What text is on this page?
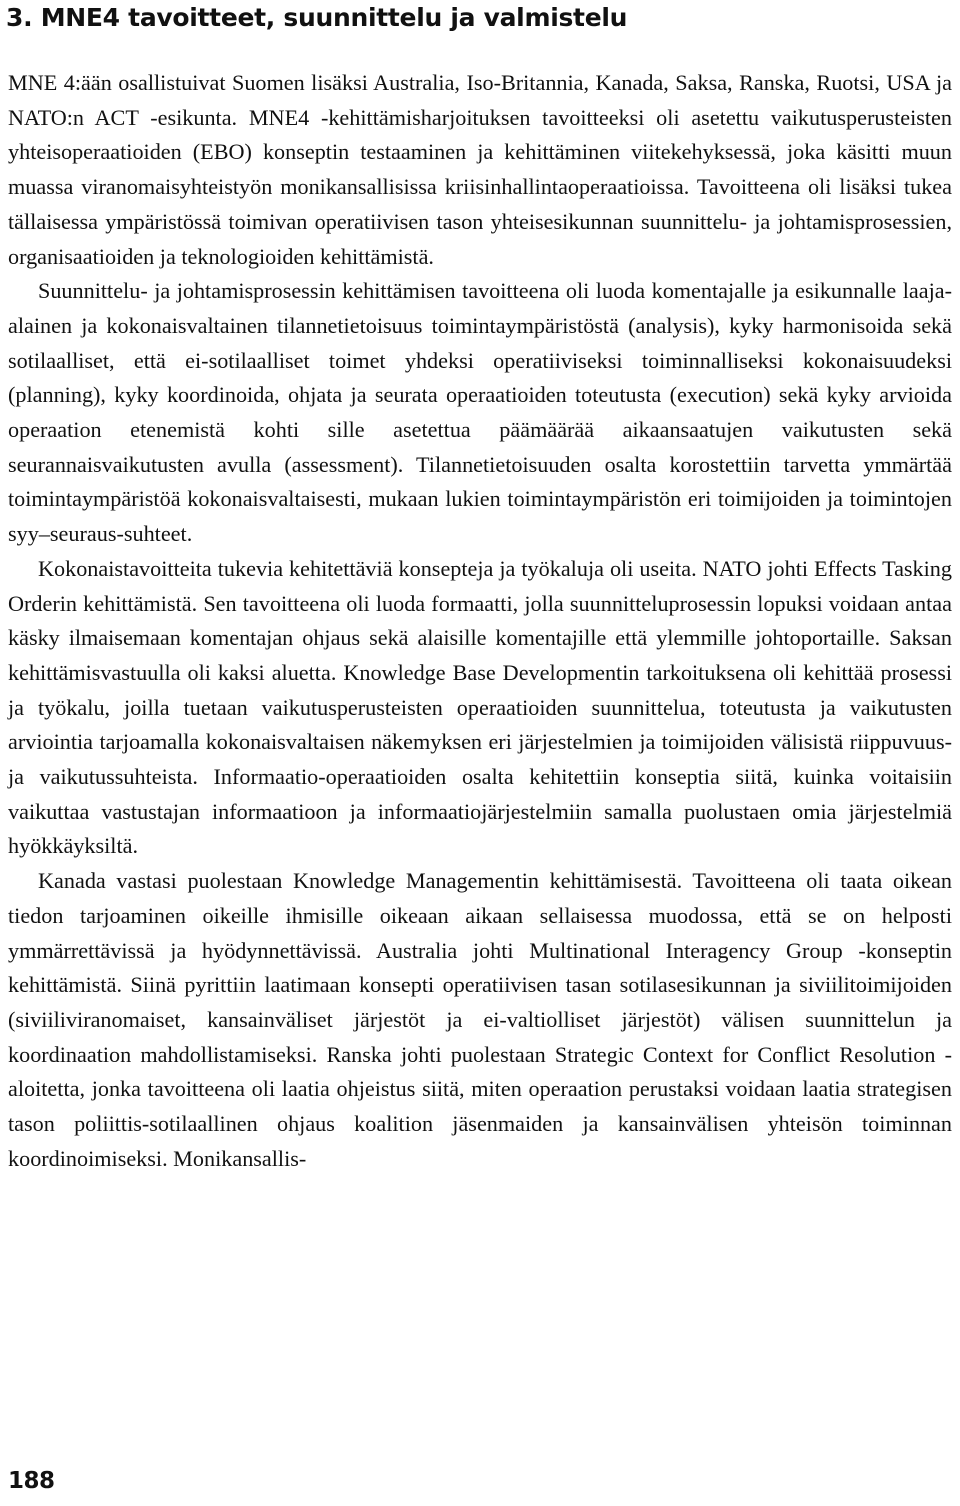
3. MNE4 tavoitteet, suunnittelu ja valmistelu

MNE 4:ään osallistuivat Suomen lisäksi Australia, Iso-Britannia, Kanada, Saksa, Ranska, Ruotsi, USA ja NATO:n ACT -esikunta. MNE4 -kehittämisharjoituksen tavoitteeksi oli asetettu vaikutusperusteisten yhteisoperaatioiden (EBO) konseptin testaaminen ja kehittäminen viitekehyksessä, joka käsitti muun muassa viranomaisyhteistyön monikansallisissa kriisinhallintaoperaatioissa. Tavoitteena oli lisäksi tukea tällaisessa ympäristössä toimivan operatiivisen tason yhteisesikunnan suunnittelu- ja johtamisprosessien, organisaatioiden ja teknologioiden kehittämistä.

Suunnittelu- ja johtamisprosessin kehittämisen tavoitteena oli luoda komentajalle ja esikunnalle laaja-alainen ja kokonaisvaltainen tilannetietoisuus toimintaympäristöstä (analysis), kyky harmonisoida sekä sotilaalliset, että ei-sotilaalliset toimet yhdeksi operatiiviseksi toiminnalliseksi kokonaisuudeksi (planning), kyky koordinoida, ohjata ja seurata operaatioiden toteutusta (execution) sekä kyky arvioida operaation etenemistä kohti sille asetettua päämäärää aikaansaatujen vaikutusten sekä seurannaisvaikutusten avulla (assessment). Tilannetietoisuuden osalta korostettiin tarvetta ymmärtää toimintaympäristöä kokonaisvaltaisesti, mukaan lukien toimintaympäristön eri toimijoiden ja toimintojen syy–seuraus-suhteet.

Kokonaistavoitteita tukevia kehitettäviä konsepteja ja työkaluja oli useita. NATO johti Effects Tasking Orderin kehittämistä. Sen tavoitteena oli luoda formaatti, jolla suunnitteluprosessin lopuksi voidaan antaa käsky ilmaisemaan komentajan ohjaus sekä alaisille komentajille että ylemmille johtoportaille. Saksan kehittämisvastuulla oli kaksi aluetta. Knowledge Base Developmentin tarkoituksena oli kehittää prosessi ja työkalu, joilla tuetaan vaikutusperusteisten operaatioiden suunnittelua, toteutusta ja vaikutusten arviointia tarjoamalla kokonaisvaltaisen näkemyksen eri järjestelmien ja toimijoiden välisistä riippuvuus- ja vaikutussuhteista. Informaatio-operaatioiden osalta kehitettiin konseptia siitä, kuinka voitaisiin vaikuttaa vastustajan informaatioon ja informaatiojärjestelmiin samalla puolustaen omia järjestelmiä hyökkäyksiltä.

Kanada vastasi puolestaan Knowledge Managementin kehittämisestä. Tavoitteena oli taata oikean tiedon tarjoaminen oikeille ihmisille oikeaan aikaan sellaisessa muodossa, että se on helposti ymmärrettävissä ja hyödynnettävissä. Australia johti Multinational Interagency Group -konseptin kehittämistä. Siinä pyrittiin laatimaan konsepti operatiivisen tasan sotilasesikunnan ja siviilitoimijoiden (siviiliviranomaiset, kansainväliset järjestöt ja ei-valtiolliset järjestöt) välisen suunnittelun ja koordinaation mahdollistamiseksi. Ranska johti puolestaan Strategic Context for Conflict Resolution -aloitetta, jonka tavoitteena oli laatia ohjeistus siitä, miten operaation perustaksi voidaan laatia strategisen tason poliittis-sotilaallinen ohjaus koalition jäsenmaiden ja kansainvälisen yhteisön toiminnan koordinoimiseksi. Monikansallis-

188
